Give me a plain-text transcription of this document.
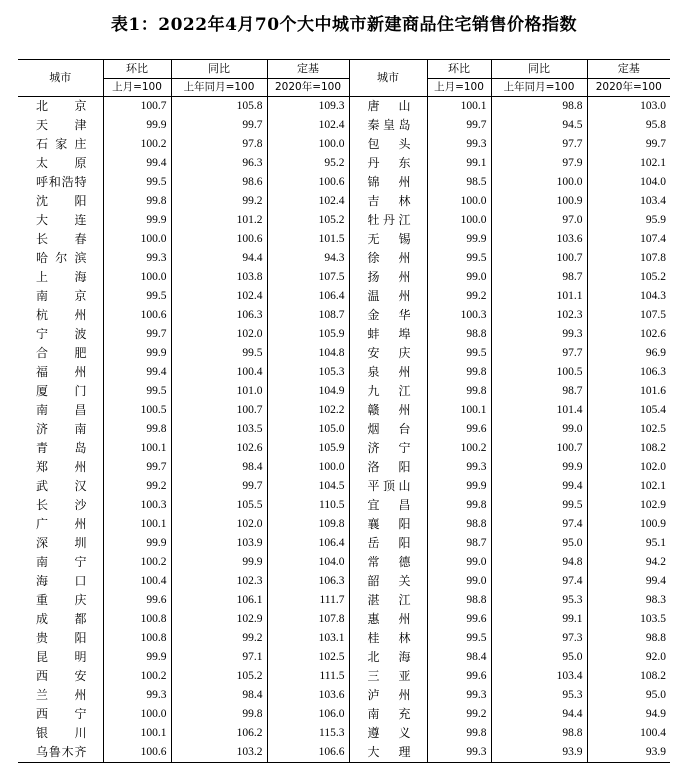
表1：2022年4月70个大中城市新建商品住宅销售价格指数
城市	环比	同比	定基	城市	环比	同比	定基
	上月=100	上年同月=100	2020年=100		上月=100	上年同月=100	2020年=100
北京	100.7	105.8	109.3	唐山	100.1	98.8	103.0
天津	99.9	99.7	102.4	秦皇岛	99.7	94.5	95.8
石家庄	100.2	97.8	100.0	包头	99.3	97.7	99.7
太原	99.4	96.3	95.2	丹东	99.1	97.9	102.1
呼和浩特	99.5	98.6	100.6	锦州	98.5	100.0	104.0
沈阳	99.8	99.2	102.4	吉林	100.0	100.9	103.4
大连	99.9	101.2	105.2	牡丹江	100.0	97.0	95.9
长春	100.0	100.6	101.5	无锡	99.9	103.6	107.4
哈尔滨	99.3	94.4	94.3	徐州	99.5	100.7	107.8
上海	100.0	103.8	107.5	扬州	99.0	98.7	105.2
南京	99.5	102.4	106.4	温州	99.2	101.1	104.3
杭州	100.6	106.3	108.7	金华	100.3	102.3	107.5
宁波	99.7	102.0	105.9	蚌埠	98.8	99.3	102.6
合肥	99.9	99.5	104.8	安庆	99.5	97.7	96.9
福州	99.4	100.4	105.3	泉州	99.8	100.5	106.3
厦门	99.5	101.0	104.9	九江	99.8	98.7	101.6
南昌	100.5	100.7	102.2	赣州	100.1	101.4	105.4
济南	99.8	103.5	105.0	烟台	99.6	99.0	102.5
青岛	100.1	102.6	105.9	济宁	100.2	100.7	108.2
郑州	99.7	98.4	100.0	洛阳	99.3	99.9	102.0
武汉	99.2	99.7	104.5	平顶山	99.9	99.4	102.1
长沙	100.3	105.5	110.5	宜昌	99.8	99.5	102.9
广州	100.1	102.0	109.8	襄阳	98.8	97.4	100.9
深圳	99.9	103.9	106.4	岳阳	98.7	95.0	95.1
南宁	100.2	99.9	104.0	常德	99.0	94.8	94.2
海口	100.4	102.3	106.3	韶关	99.0	97.4	99.4
重庆	99.6	106.1	111.7	湛江	98.8	95.3	98.3
成都	100.8	102.9	107.8	惠州	99.6	99.1	103.5
贵阳	100.8	99.2	103.1	桂林	99.5	97.3	98.8
昆明	99.9	97.1	102.5	北海	98.4	95.0	92.0
西安	100.2	105.2	111.5	三亚	99.6	103.4	108.2
兰州	99.3	98.4	103.6	泸州	99.3	95.3	95.0
西宁	100.0	99.8	106.0	南充	99.2	94.4	94.9
银川	100.1	106.2	115.3	遵义	99.8	98.8	100.4
乌鲁木齐	100.6	103.2	106.6	大理	99.3	93.9	93.9
